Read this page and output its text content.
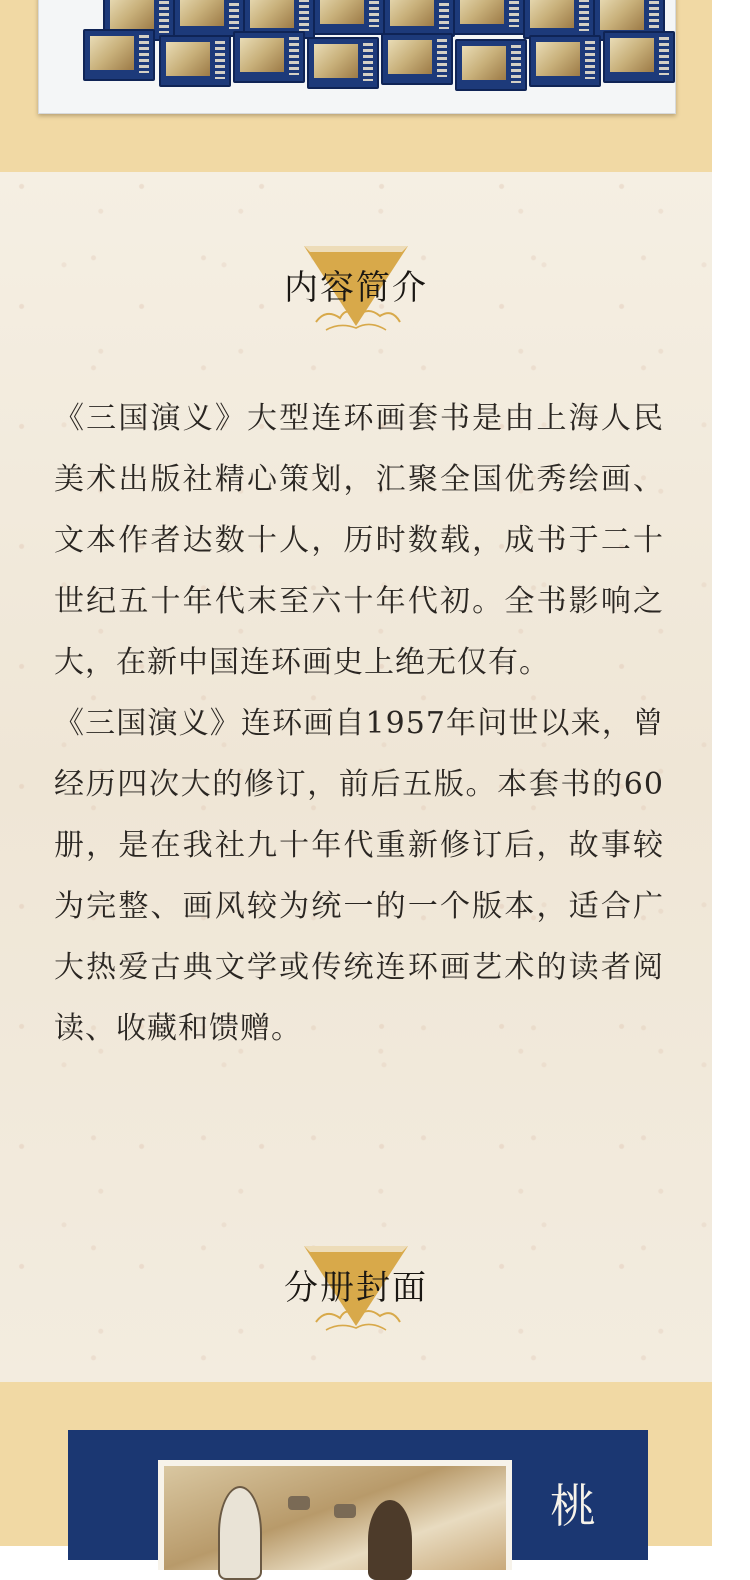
内容简介

《三国演义》大型连环画套书是由上海人民美术出版社精心策划，汇聚全国优秀绘画、文本作者达数十人，历时数载，成书于二十世纪五十年代末至六十年代初。全书影响之大，在新中国连环画史上绝无仅有。

《三国演义》连环画自1957年问世以来，曾经历四次大的修订，前后五版。本套书的60册，是在我社九十年代重新修订后，故事较为完整、画风较为统一的一个版本，适合广大热爱古典文学或传统连环画艺术的读者阅读、收藏和馈赠。

分册封面
桃
